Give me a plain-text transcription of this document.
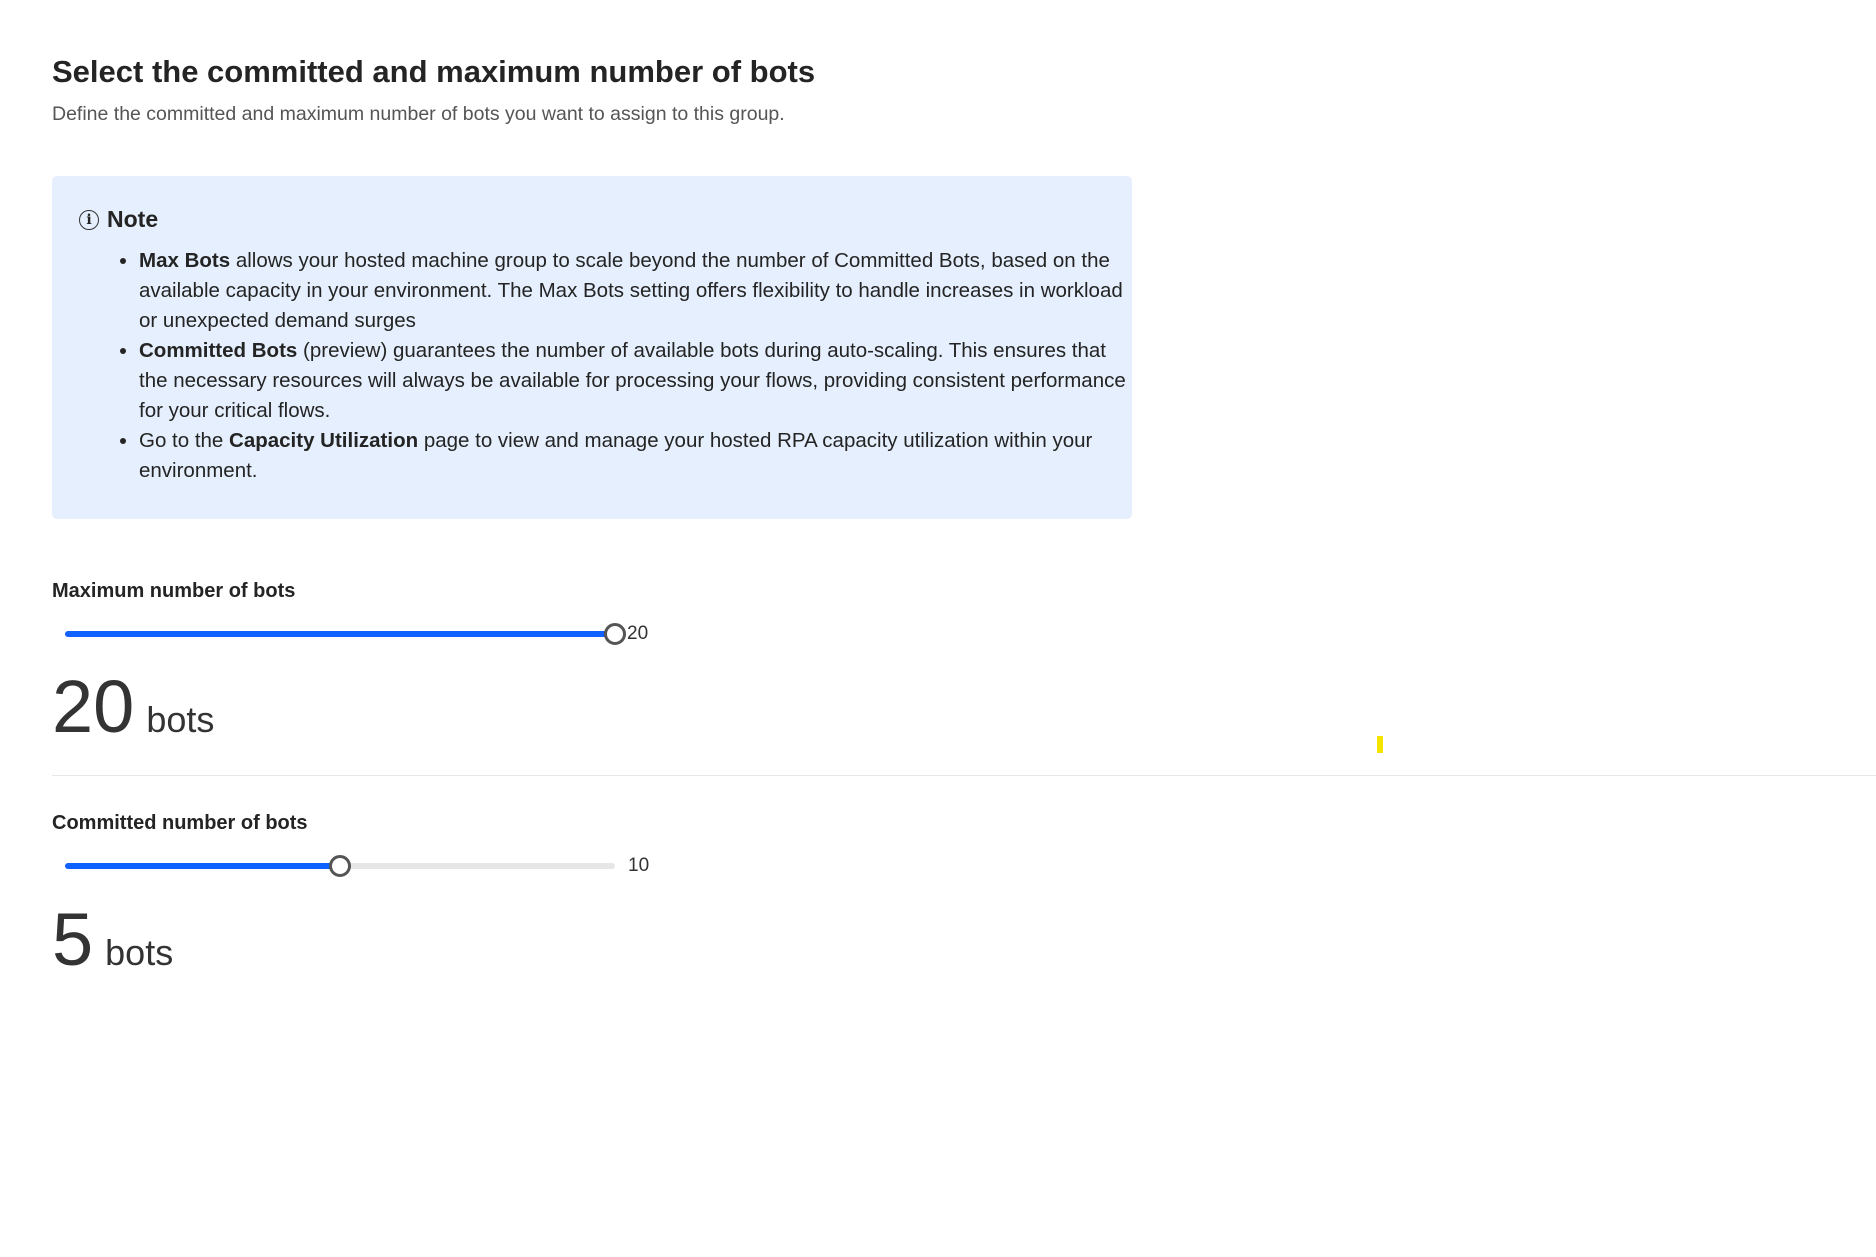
Select the committed and maximum number of bots
Define the committed and maximum number of bots you want to assign to this group.
i Note
• Max Bots allows your hosted machine group to scale beyond the number of Committed Bots, based on the available capacity in your environment. The Max Bots setting offers flexibility to handle increases in workload or unexpected demand surges
• Committed Bots (preview) guarantees the number of available bots during auto-scaling. This ensures that the necessary resources will always be available for processing your flows, providing consistent performance for your critical flows.
• Go to the Capacity Utilization page to view and manage your hosted RPA capacity utilization within your environment.
Maximum number of bots
20
20 bots
Committed number of bots
10
5 bots
